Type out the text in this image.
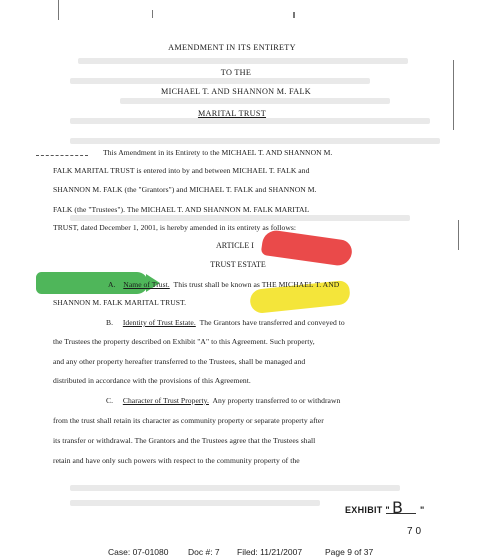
AMENDMENT IN ITS ENTIRETY
TO THE
MICHAEL T. AND SHANNON M. FALK
MARITAL TRUST
This Amendment in its Entirety to the MICHAEL T. AND SHANNON M.
FALK MARITAL TRUST is entered into by and between MICHAEL T. FALK and
SHANNON M. FALK (the "Grantors") and MICHAEL T. FALK and SHANNON M.
FALK (the "Trustees"). The MICHAEL T. AND SHANNON M. FALK MARITAL
TRUST, dated December 1, 2001, is hereby amended in its entirety as follows:
ARTICLE I
TRUST ESTATE
A. Name of Trust. This trust shall be known as THE MICHAEL T. AND
SHANNON M. FALK MARITAL TRUST.
B. Identity of Trust Estate. The Grantors have transferred and conveyed to
the Trustees the property described on Exhibit "A" to this Agreement. Such property,
and any other property hereafter transferred to the Trustees, shall be managed and
distributed in accordance with the provisions of this Agreement.
C. Character of Trust Property. Any property transferred to or withdrawn
from the trust shall retain its character as community property or separate property after
its transfer or withdrawal. The Grantors and the Trustees agree that the Trustees shall
retain and have only such powers with respect to the community property of the
EXHIBIT " B "
70
Case: 07-01080 Doc #: 7 Filed: 11/21/2007	Page 9 of 37
